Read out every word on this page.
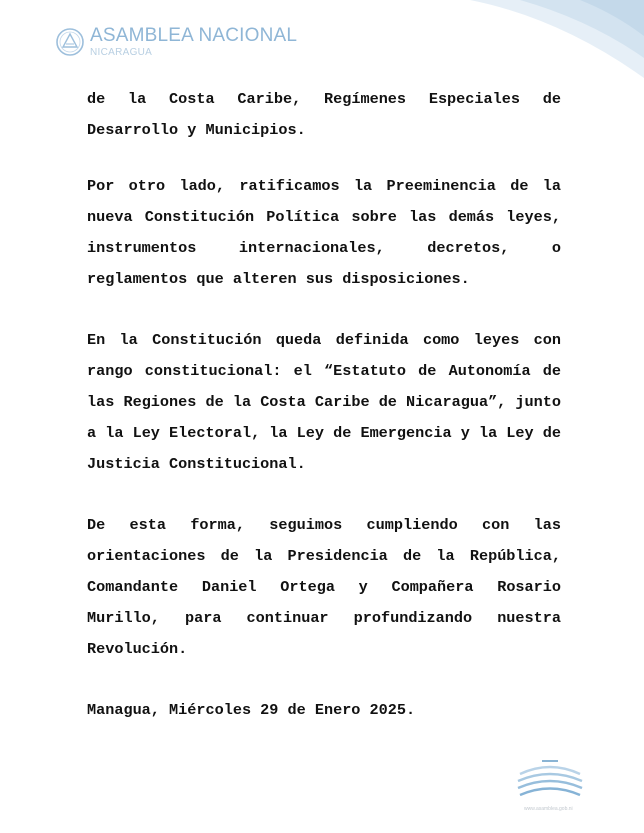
ASAMBLEA NACIONAL
NICARAGUA

de la Costa Caribe, Regímenes Especiales de Desarrollo y Municipios.

Por otro lado, ratificamos la Preeminencia de la nueva Constitución Política sobre las demás leyes, instrumentos internacionales, decretos, o reglamentos que alteren sus disposiciones.

En la Constitución queda definida como leyes con rango constitucional: el “Estatuto de Autonomía de las Regiones de la Costa Caribe de Nicaragua”, junto a la Ley Electoral, la Ley de Emergencia y la Ley de Justicia Constitucional.

De esta forma, seguimos cumpliendo con las orientaciones de la Presidencia de la República, Comandante Daniel Ortega y Compañera Rosario Murillo, para continuar profundizando nuestra Revolución.

Managua, Miércoles 29 de Enero 2025.

www.asamblea.gob.ni
